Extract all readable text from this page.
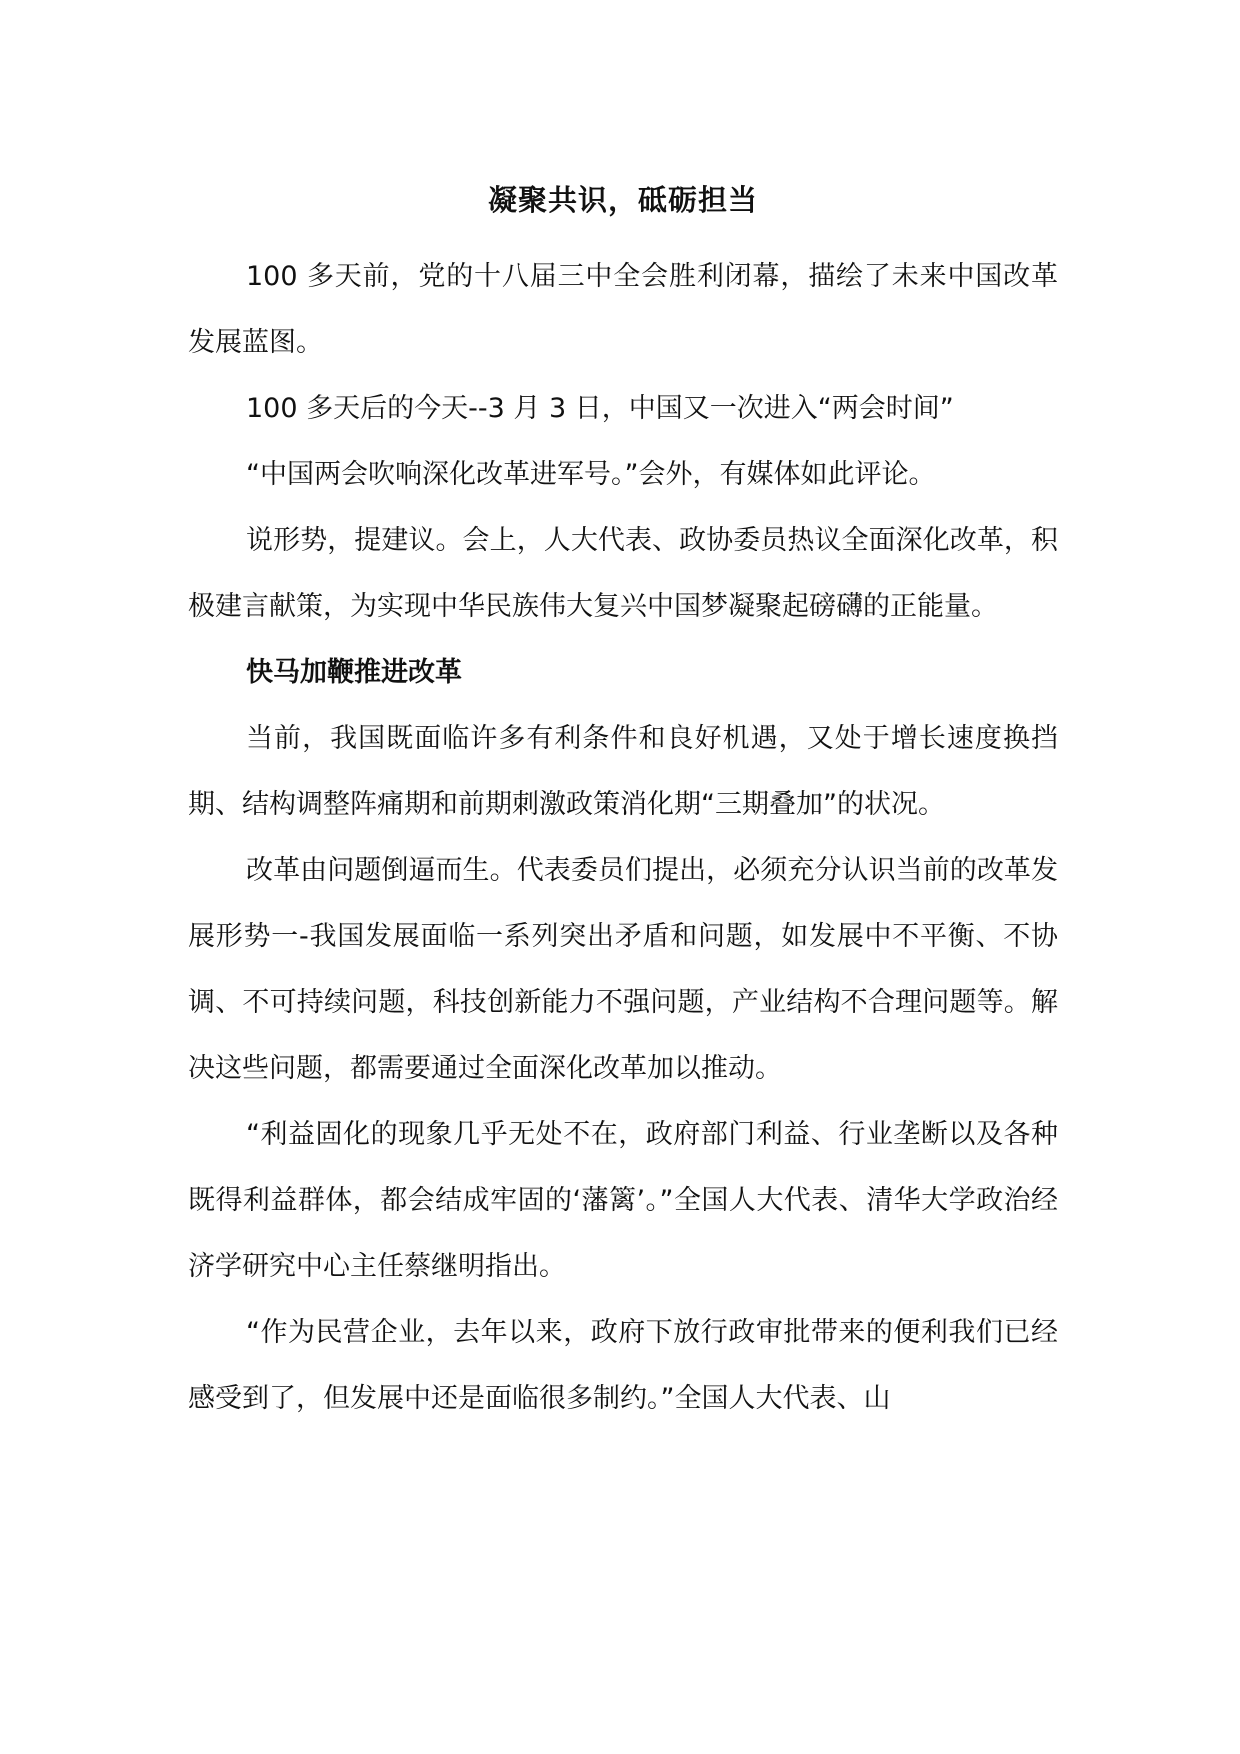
凝聚共识，砥砺担当

100 多天前，党的十八届三中全会胜利闭幕，描绘了未来中国改革发展蓝图。

100 多天后的今天--3 月 3 日，中国又一次进入“两会时间”

“中国两会吹响深化改革进军号。”会外，有媒体如此评论。

说形势，提建议。会上，人大代表、政协委员热议全面深化改革，积极建言献策，为实现中华民族伟大复兴中国梦凝聚起磅礴的正能量。

快马加鞭推进改革

当前，我国既面临许多有利条件和良好机遇，又处于增长速度换挡期、结构调整阵痛期和前期刺激政策消化期“三期叠加”的状况。

改革由问题倒逼而生。代表委员们提出，必须充分认识当前的改革发展形势一-我国发展面临一系列突出矛盾和问题，如发展中不平衡、不协调、不可持续问题，科技创新能力不强问题，产业结构不合理问题等。解决这些问题，都需要通过全面深化改革加以推动。

“利益固化的现象几乎无处不在，政府部门利益、行业垄断以及各种既得利益群体，都会结成牢固的‘藩篱’。”全国人大代表、清华大学政治经济学研究中心主任蔡继明指出。

“作为民营企业，去年以来，政府下放行政审批带来的便利我们已经感受到了，但发展中还是面临很多制约。”全国人大代表、山
